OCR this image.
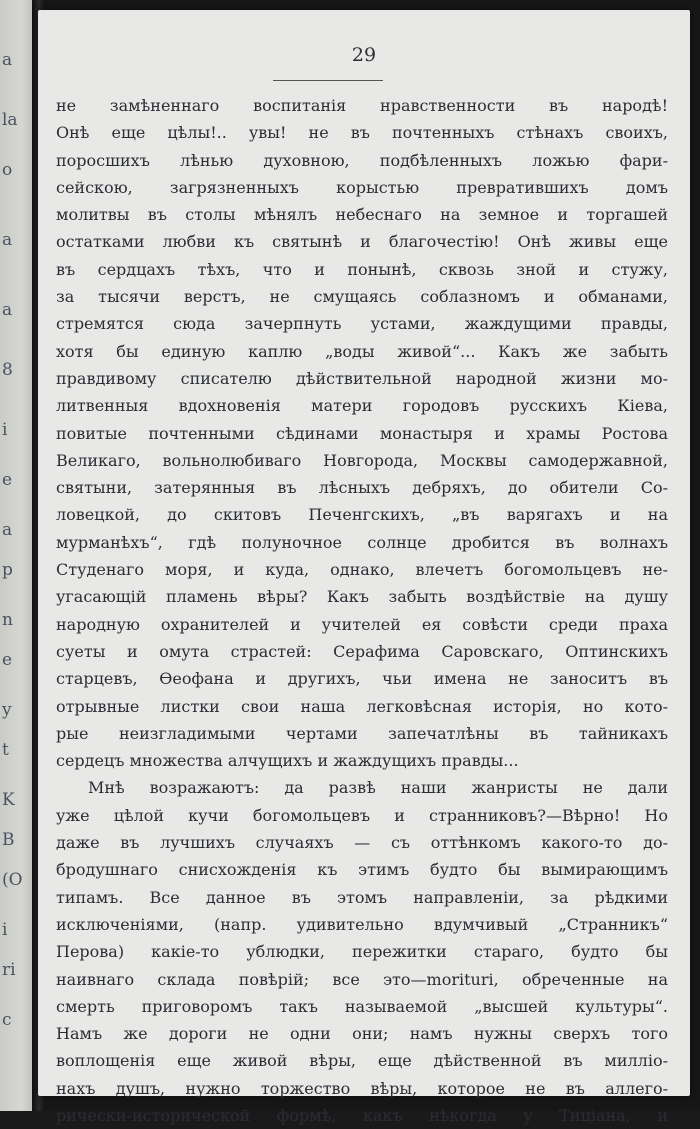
a
la
o
a
a
8
i
e
a
p
n
e
y
t
K
B
(O
i
ri
c

29

не замѣненнаго воспитанія нравственности въ народѣ!
Онѣ еще цѣлы!.. увы! не въ почтенныхъ стѣнахъ своихъ,
поросшихъ лѣнью духовною, подбѣленныхъ ложью фари-
сейскою, загрязненныхъ корыстью превратившихъ домъ
молитвы въ столы мѣнялъ небеснаго на земное и торгашей
остатками любви къ святынѣ и благочестію! Онѣ живы еще
въ сердцахъ тѣхъ, что и понынѣ, сквозь зной и стужу,
за тысячи верстъ, не смущаясь соблазномъ и обманами,
стремятся сюда зачерпнуть устами, жаждущими правды,
хотя бы единую каплю „воды живой“... Какъ же забыть
правдивому списателю дѣйствительной народной жизни мо-
литвенныя вдохновенія матери городовъ русскихъ Кіева,
повитые почтенными сѣдинами монастыря и храмы Ростова
Великаго, вольнолюбиваго Новгорода, Москвы самодержавной,
святыни, затерянныя въ лѣсныхъ дебряхъ, до обители Со-
ловецкой, до скитовъ Печенгскихъ, „въ варягахъ и на
мурманѣхъ“, гдѣ полуночное солнце дробится въ волнахъ
Студенаго моря, и куда, однако, влечетъ богомольцевъ не-
угасающій пламень вѣры? Какъ забыть воздѣйствіе на душу
народную охранителей и учителей ея совѣсти среди праха
суеты и омута страстей: Серафима Саровскаго, Оптинскихъ
старцевъ, Ѳеофана и другихъ, чьи имена не заноситъ въ
отрывные листки свои наша легковѣсная исторія, но кото-
рые неизгладимыми чертами запечатлѣны въ тайникахъ
сердецъ множества алчущихъ и жаждущихъ правды...
Мнѣ возражаютъ: да развѣ наши жанристы не дали
уже цѣлой кучи богомольцевъ и странниковъ?—Вѣрно! Но
даже въ лучшихъ случаяхъ — съ оттѣнкомъ какого-то до-
бродушнаго снисхожденія къ этимъ будто бы вымирающимъ
типамъ. Все данное въ этомъ направленіи, за рѣдкими
исключеніями, (напр. удивительно вдумчивый „Странникъ“
Перова) какіе-то ублюдки, пережитки стараго, будто бы
наивнаго склада повѣрій; все это—morituri, обреченные на
смерть приговоромъ такъ называемой „высшей культуры“.
Намъ же дороги не одни они; намъ нужны сверхъ того
воплощенія еще живой вѣры, еще дѣйственной въ милліо-
нахъ душъ, нужно торжество вѣры, которое не въ аллего-
рически-исторической формѣ, какъ нѣкогда у Тиціана, и
